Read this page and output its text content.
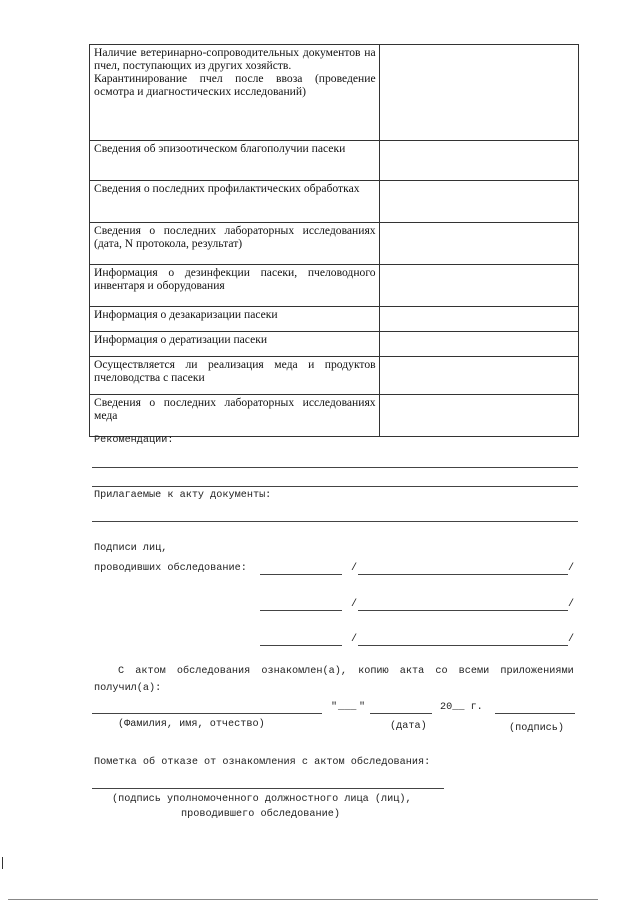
Наличие ветеринарно-сопроводительных документов на пчел, поступающих из других хозяйств.
Карантинирование пчел после ввоза (проведение осмотра и диагностических исследований)	

Сведения об эпизоотическом благополучии пасеки	

Сведения о последних профилактических обработках	

Сведения о последних лабораторных исследованиях (дата, N протокола, результат)	

Информация о дезинфекции пасеки, пчеловодного инвентаря и оборудования	

Информация о дезакаризации пасеки	

Информация о дератизации пасеки	

Осуществляется ли реализация меда и продуктов пчеловодства с пасеки	

Сведения о последних лабораторных исследованиях меда	

Рекомендации:
Прилагаемые к акту документы:
Подписи лиц,
проводивших обследование:	/	/
/	/
/	/
С актом обследования ознакомлен(а), копию акта со всеми приложениями
получил(а):
" ___ "	20__ г.
(Фамилия, имя, отчество)	(дата)	(подпись)
Пометка об отказе от ознакомления с актом обследования:
(подпись уполномоченного должностного лица (лиц),
проводившего обследование)
